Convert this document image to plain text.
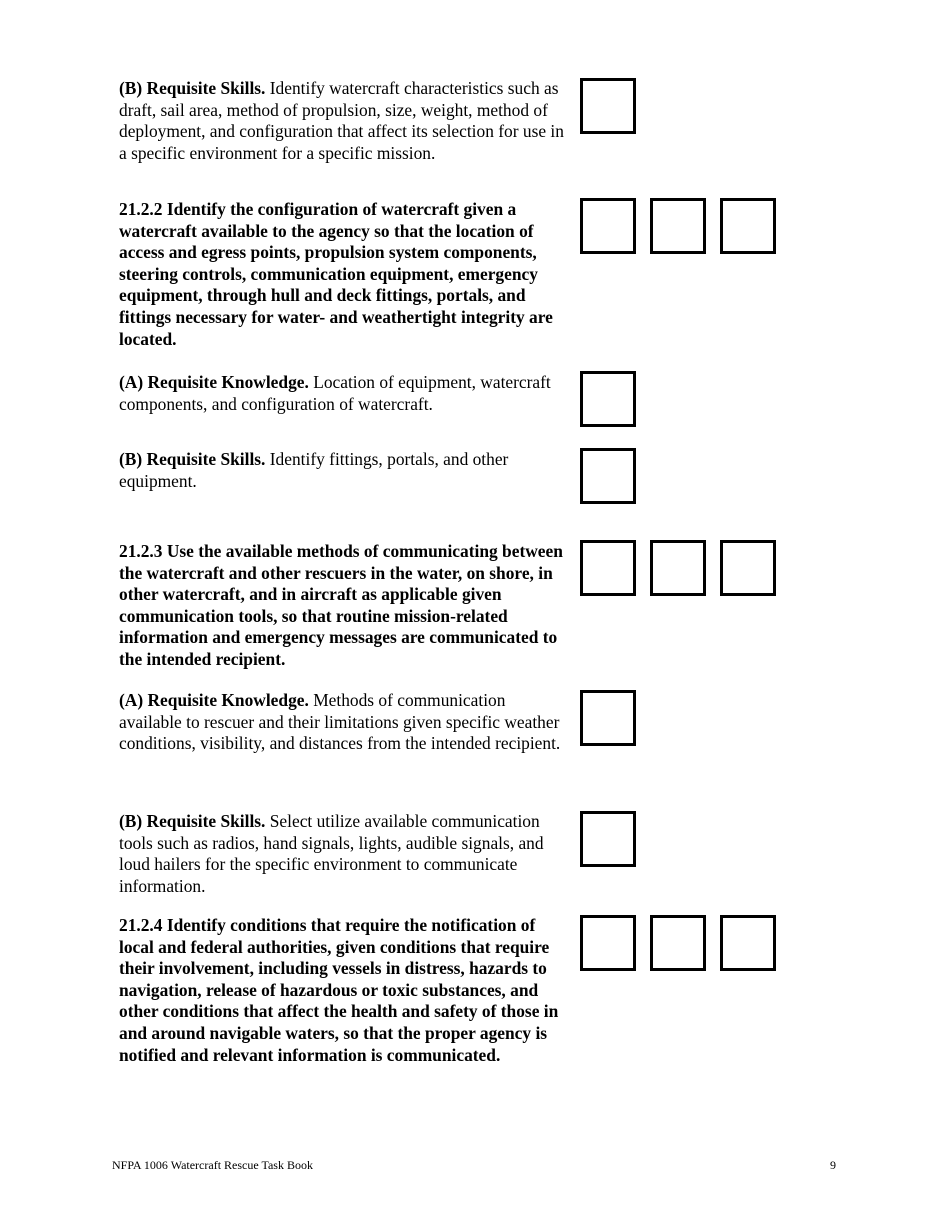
(B) Requisite Skills. Identify watercraft characteristics such as draft, sail area, method of propulsion, size, weight, method of deployment, and configuration that affect its selection for use in a specific environment for a specific mission.
21.2.2 Identify the configuration of watercraft given a watercraft available to the agency so that the location of access and egress points, propulsion system components, steering controls, communication equipment, emergency equipment, through hull and deck fittings, portals, and fittings necessary for water- and weathertight integrity are located.
(A) Requisite Knowledge. Location of equipment, watercraft components, and configuration of watercraft.
(B) Requisite Skills. Identify fittings, portals, and other equipment.
21.2.3 Use the available methods of communicating between the watercraft and other rescuers in the water, on shore, in other watercraft, and in aircraft as applicable given communication tools, so that routine mission-related information and emergency messages are communicated to the intended recipient.
(A) Requisite Knowledge. Methods of communication available to rescuer and their limitations given specific weather conditions, visibility, and distances from the intended recipient.
(B) Requisite Skills. Select utilize available communication tools such as radios, hand signals, lights, audible signals, and loud hailers for the specific environment to communicate information.
21.2.4 Identify conditions that require the notification of local and federal authorities, given conditions that require their involvement, including vessels in distress, hazards to navigation, release of hazardous or toxic substances, and other conditions that affect the health and safety of those in and around navigable waters, so that the proper agency is notified and relevant information is communicated.
NFPA 1006 Watercraft Rescue Task Book	9
